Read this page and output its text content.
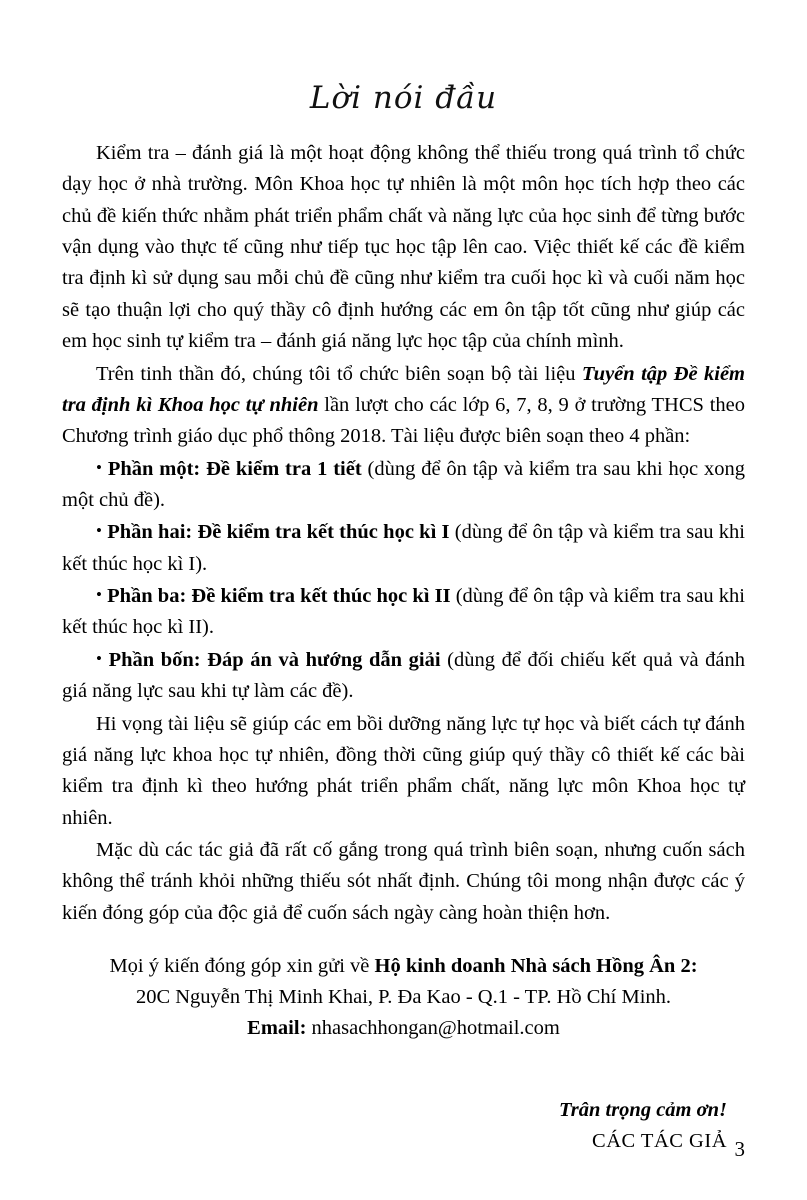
Lời nói đầu

Kiểm tra – đánh giá là một hoạt động không thể thiếu trong quá trình tổ chức dạy học ở nhà trường. Môn Khoa học tự nhiên là một môn học tích hợp theo các chủ đề kiến thức nhằm phát triển phẩm chất và năng lực của học sinh để từng bước vận dụng vào thực tế cũng như tiếp tục học tập lên cao. Việc thiết kế các đề kiểm tra định kì sử dụng sau mỗi chủ đề cũng như kiểm tra cuối học kì và cuối năm học sẽ tạo thuận lợi cho quý thầy cô định hướng các em ôn tập tốt cũng như giúp các em học sinh tự kiểm tra – đánh giá năng lực học tập của chính mình.

Trên tinh thần đó, chúng tôi tổ chức biên soạn bộ tài liệu Tuyển tập Đề kiểm tra định kì Khoa học tự nhiên lần lượt cho các lớp 6, 7, 8, 9 ở trường THCS theo Chương trình giáo dục phổ thông 2018. Tài liệu được biên soạn theo 4 phần:

• Phần một: Đề kiểm tra 1 tiết (dùng để ôn tập và kiểm tra sau khi học xong một chủ đề).

• Phần hai: Đề kiểm tra kết thúc học kì I (dùng để ôn tập và kiểm tra sau khi kết thúc học kì I).

• Phần ba: Đề kiểm tra kết thúc học kì II (dùng để ôn tập và kiểm tra sau khi kết thúc học kì II).

• Phần bốn: Đáp án và hướng dẫn giải (dùng để đối chiếu kết quả và đánh giá năng lực sau khi tự làm các đề).

Hi vọng tài liệu sẽ giúp các em bồi dưỡng năng lực tự học và biết cách tự đánh giá năng lực khoa học tự nhiên, đồng thời cũng giúp quý thầy cô thiết kế các bài kiểm tra định kì theo hướng phát triển phẩm chất, năng lực môn Khoa học tự nhiên.

Mặc dù các tác giả đã rất cố gắng trong quá trình biên soạn, nhưng cuốn sách không thể tránh khỏi những thiếu sót nhất định. Chúng tôi mong nhận được các ý kiến đóng góp của độc giả để cuốn sách ngày càng hoàn thiện hơn.

Mọi ý kiến đóng góp xin gửi về Hộ kinh doanh Nhà sách Hồng Ân 2:
20C Nguyễn Thị Minh Khai, P. Đa Kao - Q.1 - TP. Hồ Chí Minh.
Email: nhasachhongan@hotmail.com
Trân trọng cảm ơn!
CÁC TÁC GIẢ 3
